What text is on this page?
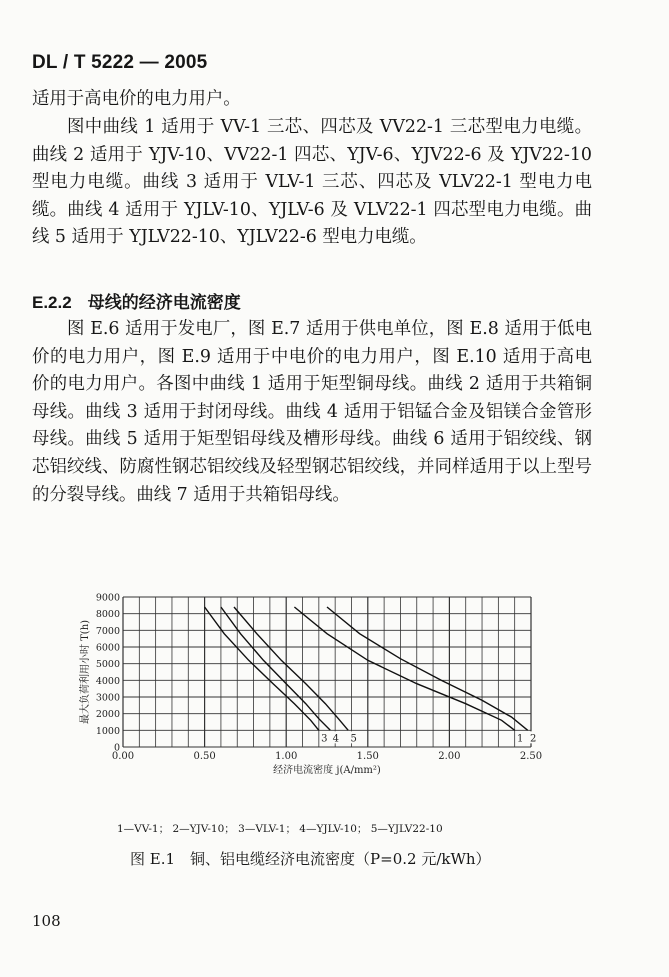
DL / T 5222 — 2005

适用于高电价的电力用户。

图中曲线 1 适用于 VV-1 三芯、四芯及 VV22-1 三芯型电力电缆。曲线 2 适用于 YJV-10、VV22-1 四芯、YJV-6、YJV22-6 及 YJV22-10 型电力电缆。曲线 3 适用于 VLV-1 三芯、四芯及 VLV22-1 型电力电缆。曲线 4 适用于 YJLV-10、YJLV-6 及 VLV22-1 四芯型电力电缆。曲线 5 适用于 YJLV22-10、YJLV22-6 型电力电缆。

E.2.2 母线的经济电流密度

图 E.6 适用于发电厂，图 E.7 适用于供电单位，图 E.8 适用于低电价的电力用户，图 E.9 适用于中电价的电力用户，图 E.10 适用于高电价的电力用户。各图中曲线 1 适用于矩型铜母线。曲线 2 适用于共箱铜母线。曲线 3 适用于封闭母线。曲线 4 适用于铝锰合金及铝镁合金管形母线。曲线 5 适用于矩型铝母线及槽形母线。曲线 6 适用于铝绞线、钢芯铝绞线、防腐性钢芯铝绞线及轻型钢芯铝绞线，并同样适用于以上型号的分裂导线。曲线 7 适用于共箱铝母线。

0.00	0.50	1.00	1.50	2.00	2.50
0
1000
2000
3000
4000
5000
6000
7000
8000
9000
经济电流密度 j(A/mm²)
最大负荷利用小时 T(h)
1 2
3 4 5
1—VV-1； 2—YJV-10； 3—VLV-1； 4—YJLV-10； 5—YJLV22-10
图 E.1　铜、铝电缆经济电流密度（P=0.2 元/kWh）
108
